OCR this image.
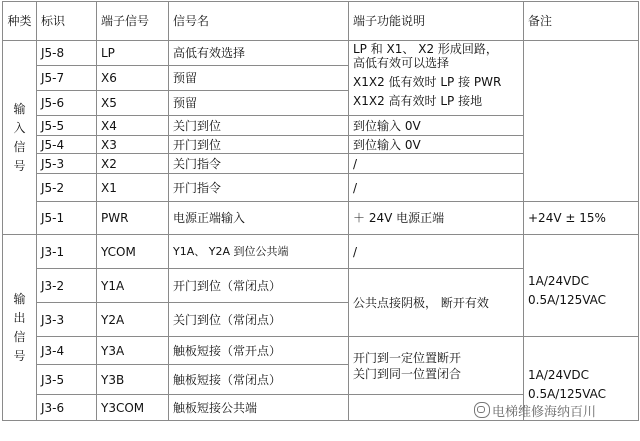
种类	标识	端子信号	信号名	端子功能说明	备注
输入信号	J5-8	LP	高低有效选择	LP 和 X1、 X2 形成回路，
高低有效可以选择
X1X2 低有效时 LP 接 PWR
X1X2 高有效时 LP 接地	

	J5-7	X6	预留		
	J5-6	X5	预留		
	J5-5	X4	关门到位	到位输入 0V	
	J5-4	X3	开门到位	到位输入 0V	
	J5-3	X2	关门指令	/	
	J5-2	X1	开门指令	/	
	J5-1	PWR	电源正端输入	＋ 24V 电源正端	+24V ± 15%
输出信号	J3-1	YCOM	Y1A、 Y2A 到位公共端	/	1A/24VDC
0.5A/125VAC

	J3-2	Y1A	开门到位（常闭点）	公共点接阴极， 断开有效	
	J3-3	Y2A	关门到位（常闭点）		
	J3-4	Y3A	触板短接（常开点）	开门到一定位置断开
关门到同一位置闭合	1A/24VDC
0.5A/125VAC

	J3-5	Y3B	触板短接（常闭点）		
	J3-6	Y3COM	触板短接公共端			电梯维修海纳百川
